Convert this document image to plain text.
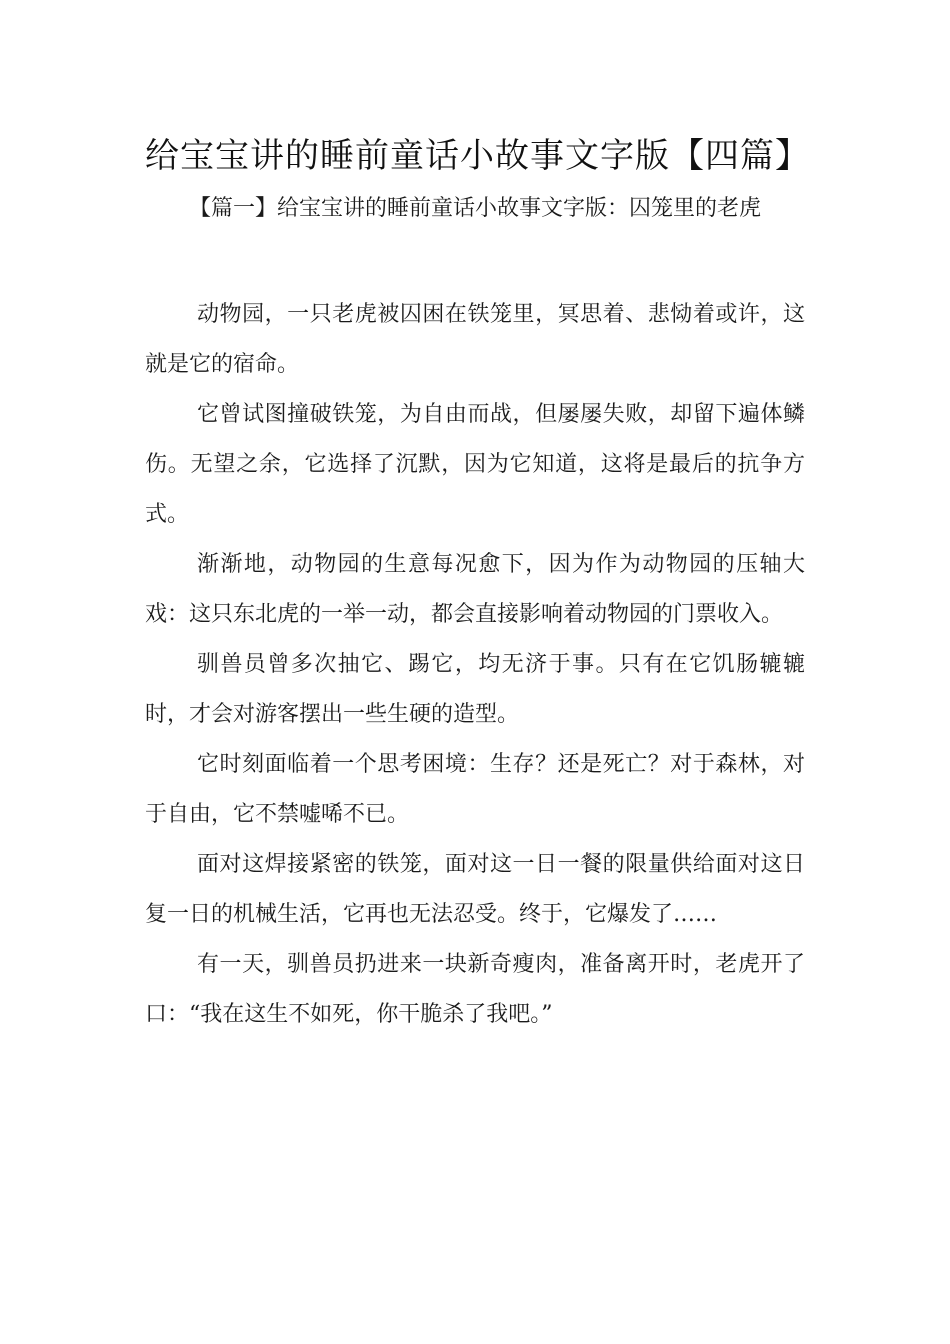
给宝宝讲的睡前童话小故事文字版【四篇】

【篇一】给宝宝讲的睡前童话小故事文字版：囚笼里的老虎

动物园，一只老虎被囚困在铁笼里，冥思着、悲恸着或许，这就是它的宿命。

它曾试图撞破铁笼，为自由而战，但屡屡失败，却留下遍体鳞伤。无望之余，它选择了沉默，因为它知道，这将是最后的抗争方式。

渐渐地，动物园的生意每况愈下，因为作为动物园的压轴大戏：这只东北虎的一举一动，都会直接影响着动物园的门票收入。

驯兽员曾多次抽它、踢它，均无济于事。只有在它饥肠辘辘时，才会对游客摆出一些生硬的造型。

它时刻面临着一个思考困境：生存？还是死亡？对于森林，对于自由，它不禁嘘唏不已。

面对这焊接紧密的铁笼，面对这一日一餐的限量供给面对这日复一日的机械生活，它再也无法忍受。终于，它爆发了……

有一天，驯兽员扔进来一块新奇瘦肉，准备离开时，老虎开了口：“我在这生不如死，你干脆杀了我吧。”
